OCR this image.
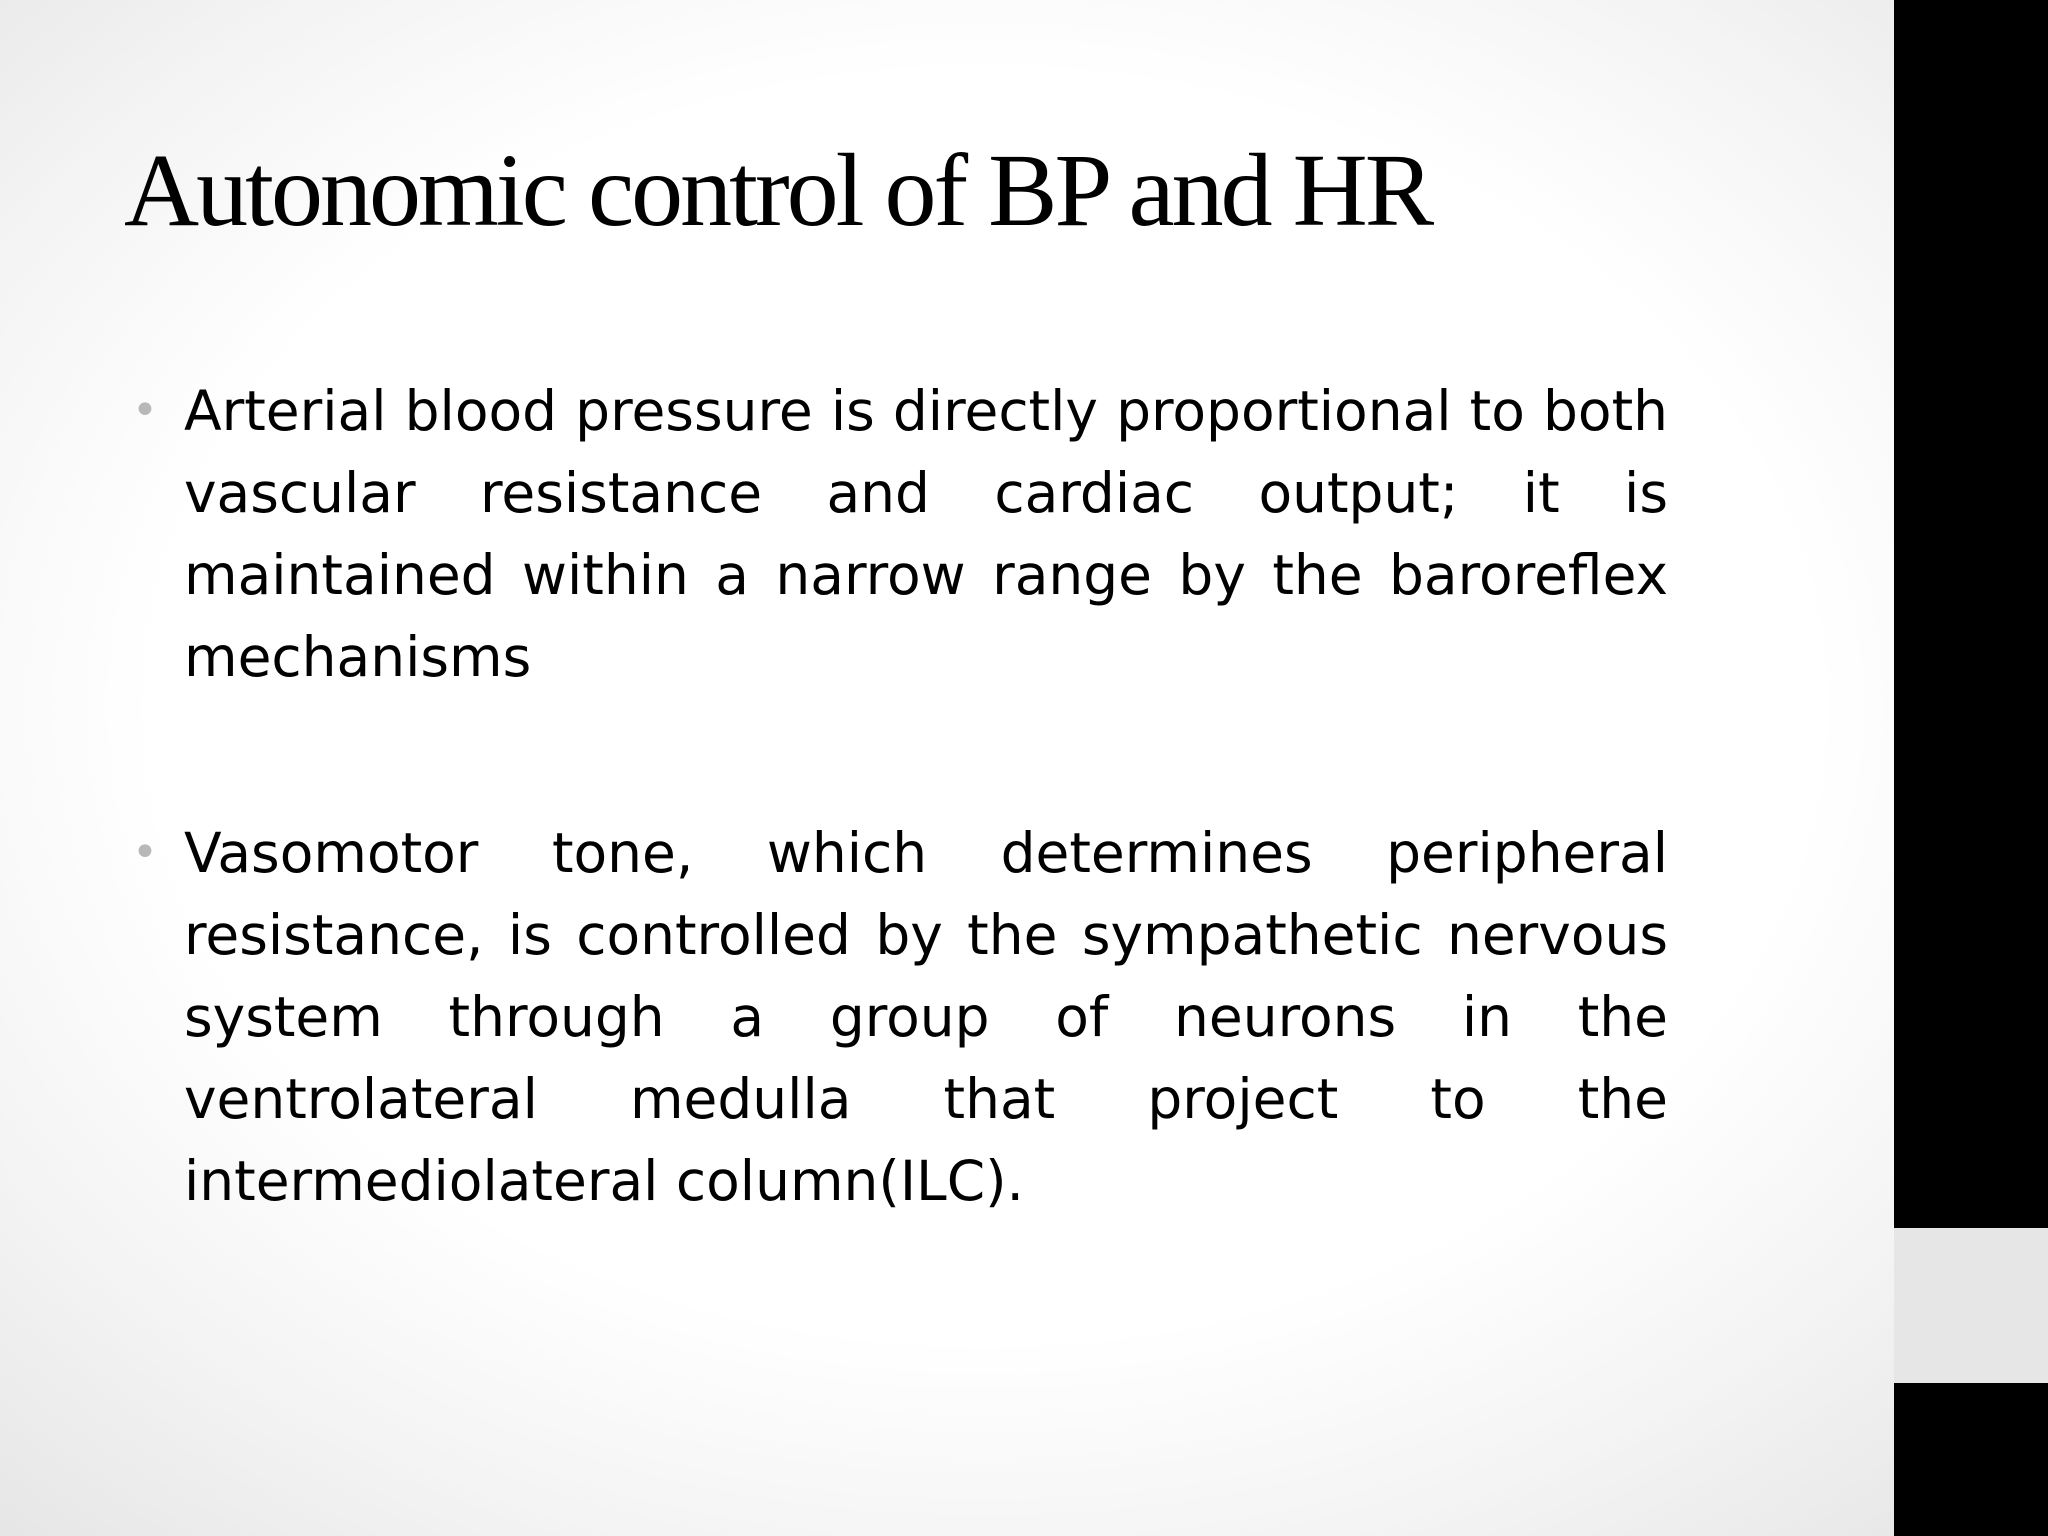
Autonomic control of BP and HR
• Arterial blood pressure is directly proportional to both vascular resistance and cardiac output; it is maintained within a narrow range by the baroreflex mechanisms
• Vasomotor tone, which determines peripheral resistance, is controlled by the sympathetic nervous system through a group of neurons in the ventrolateral medulla that project to the intermediolateral column(ILC).
